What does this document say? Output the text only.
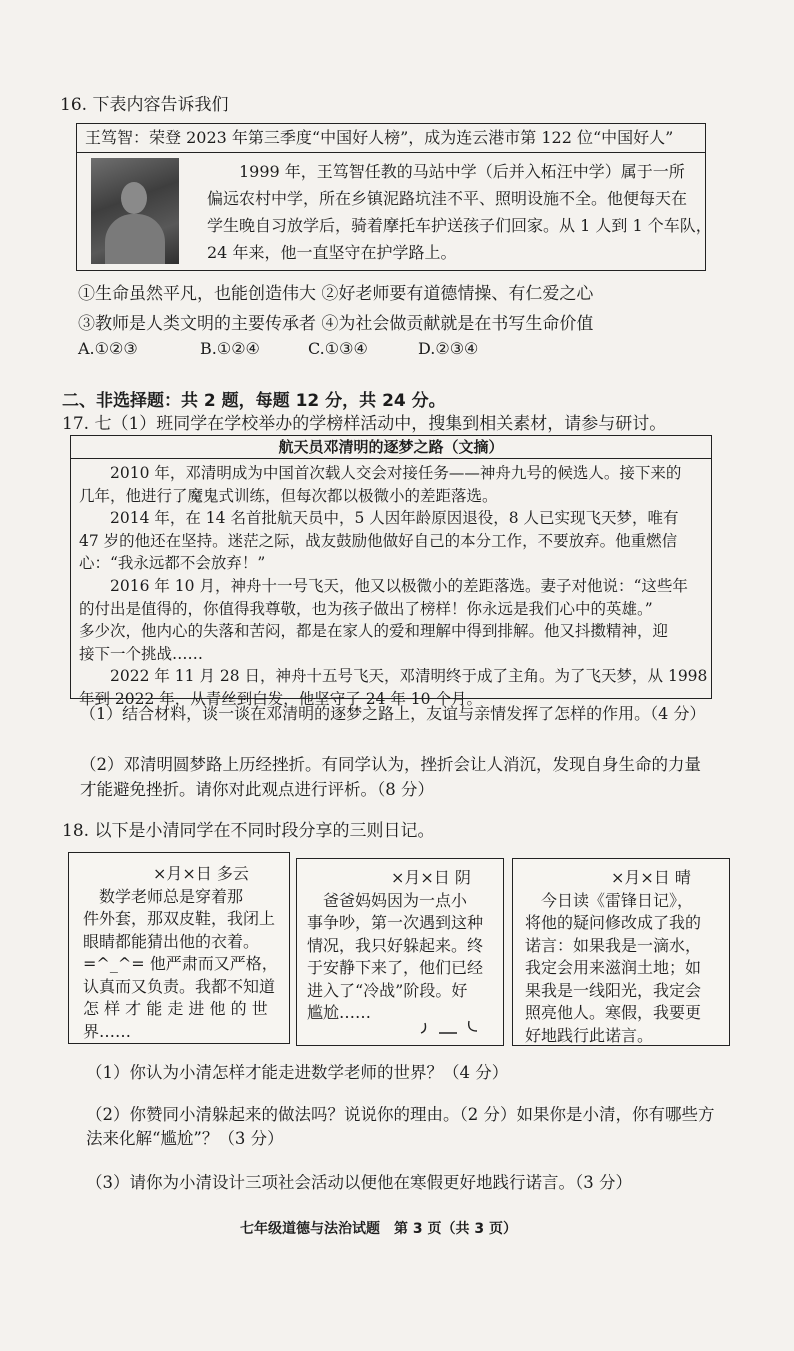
16. 下表内容告诉我们
王笃智：荣登 2023 年第三季度“中国好人榜”，成为连云港市第 122 位“中国好人”
　　1999 年，王笃智任教的马站中学（后并入柘汪中学）属于一所
偏远农村中学，所在乡镇泥路坑洼不平、照明设施不全。他便每天在
学生晚自习放学后，骑着摩托车护送孩子们回家。从 1 人到 1 个车队，
24 年来，他一直坚守在护学路上。
①生命虽然平凡，也能创造伟大 ②好老师要有道德情操、有仁爱之心
③教师是人类文明的主要传承者 ④为社会做贡献就是在书写生命价值
A.①②③	B.①②④	C.①③④	D.②③④
二、非选择题：共 2 题，每题 12 分，共 24 分。
17. 七（1）班同学在学校举办的学榜样活动中，搜集到相关素材，请参与研讨。
航天员邓清明的逐梦之路（文摘）
　　2010 年，邓清明成为中国首次载人交会对接任务——神舟九号的候选人。接下来的
几年，他进行了魔鬼式训练，但每次都以极微小的差距落选。
　　2014 年，在 14 名首批航天员中，5 人因年龄原因退役，8 人已实现飞天梦，唯有
47 岁的他还在坚持。迷茫之际，战友鼓励他做好自己的本分工作，不要放弃。他重燃信
心：“我永远都不会放弃！”
　　2016 年 10 月，神舟十一号飞天，他又以极微小的差距落选。妻子对他说：“这些年
的付出是值得的，你值得我尊敬，也为孩子做出了榜样！你永远是我们心中的英雄。”
多少次，他内心的失落和苦闷，都是在家人的爱和理解中得到排解。他又抖擞精神，迎
接下一个挑战……
　　2022 年 11 月 28 日，神舟十五号飞天，邓清明终于成了主角。为了飞天梦，从 1998
年到 2022 年，从青丝到白发，他坚守了 24 年 10 个月。
（1）结合材料，谈一谈在邓清明的逐梦之路上，友谊与亲情发挥了怎样的作用。（4 分）
（2）邓清明圆梦路上历经挫折。有同学认为，挫折会让人消沉，发现自身生命的力量
才能避免挫折。请你对此观点进行评析。（8 分）
18. 以下是小清同学在不同时段分享的三则日记。
×月×日 多云
　数学老师总是穿着那
件外套，那双皮鞋，我闭上
眼睛都能猜出他的衣着。
=^_^= 他严肃而又严格，
认真而又负责。我都不知道
怎 样 才 能 走 进 他 的 世
界……
×月×日 阴
　爸爸妈妈因为一点小
事争吵，第一次遇到这种
情况，我只好躲起来。终
于安静下来了，他们已经
进入了“冷战”阶段。好
尴尬……
×月×日 晴
　今日读《雷锋日记》，
将他的疑问修改成了我的
诺言：如果我是一滴水，
我定会用来滋润土地；如
果我是一线阳光，我定会
照亮他人。寒假，我要更
好地践行此诺言。
（1）你认为小清怎样才能走进数学老师的世界？（4 分）
（2）你赞同小清躲起来的做法吗？说说你的理由。（2 分）如果你是小清，你有哪些方
法来化解“尴尬”？（3 分）
（3）请你为小清设计三项社会活动以便他在寒假更好地践行诺言。（3 分）
七年级道德与法治试题　第 3 页（共 3 页）
